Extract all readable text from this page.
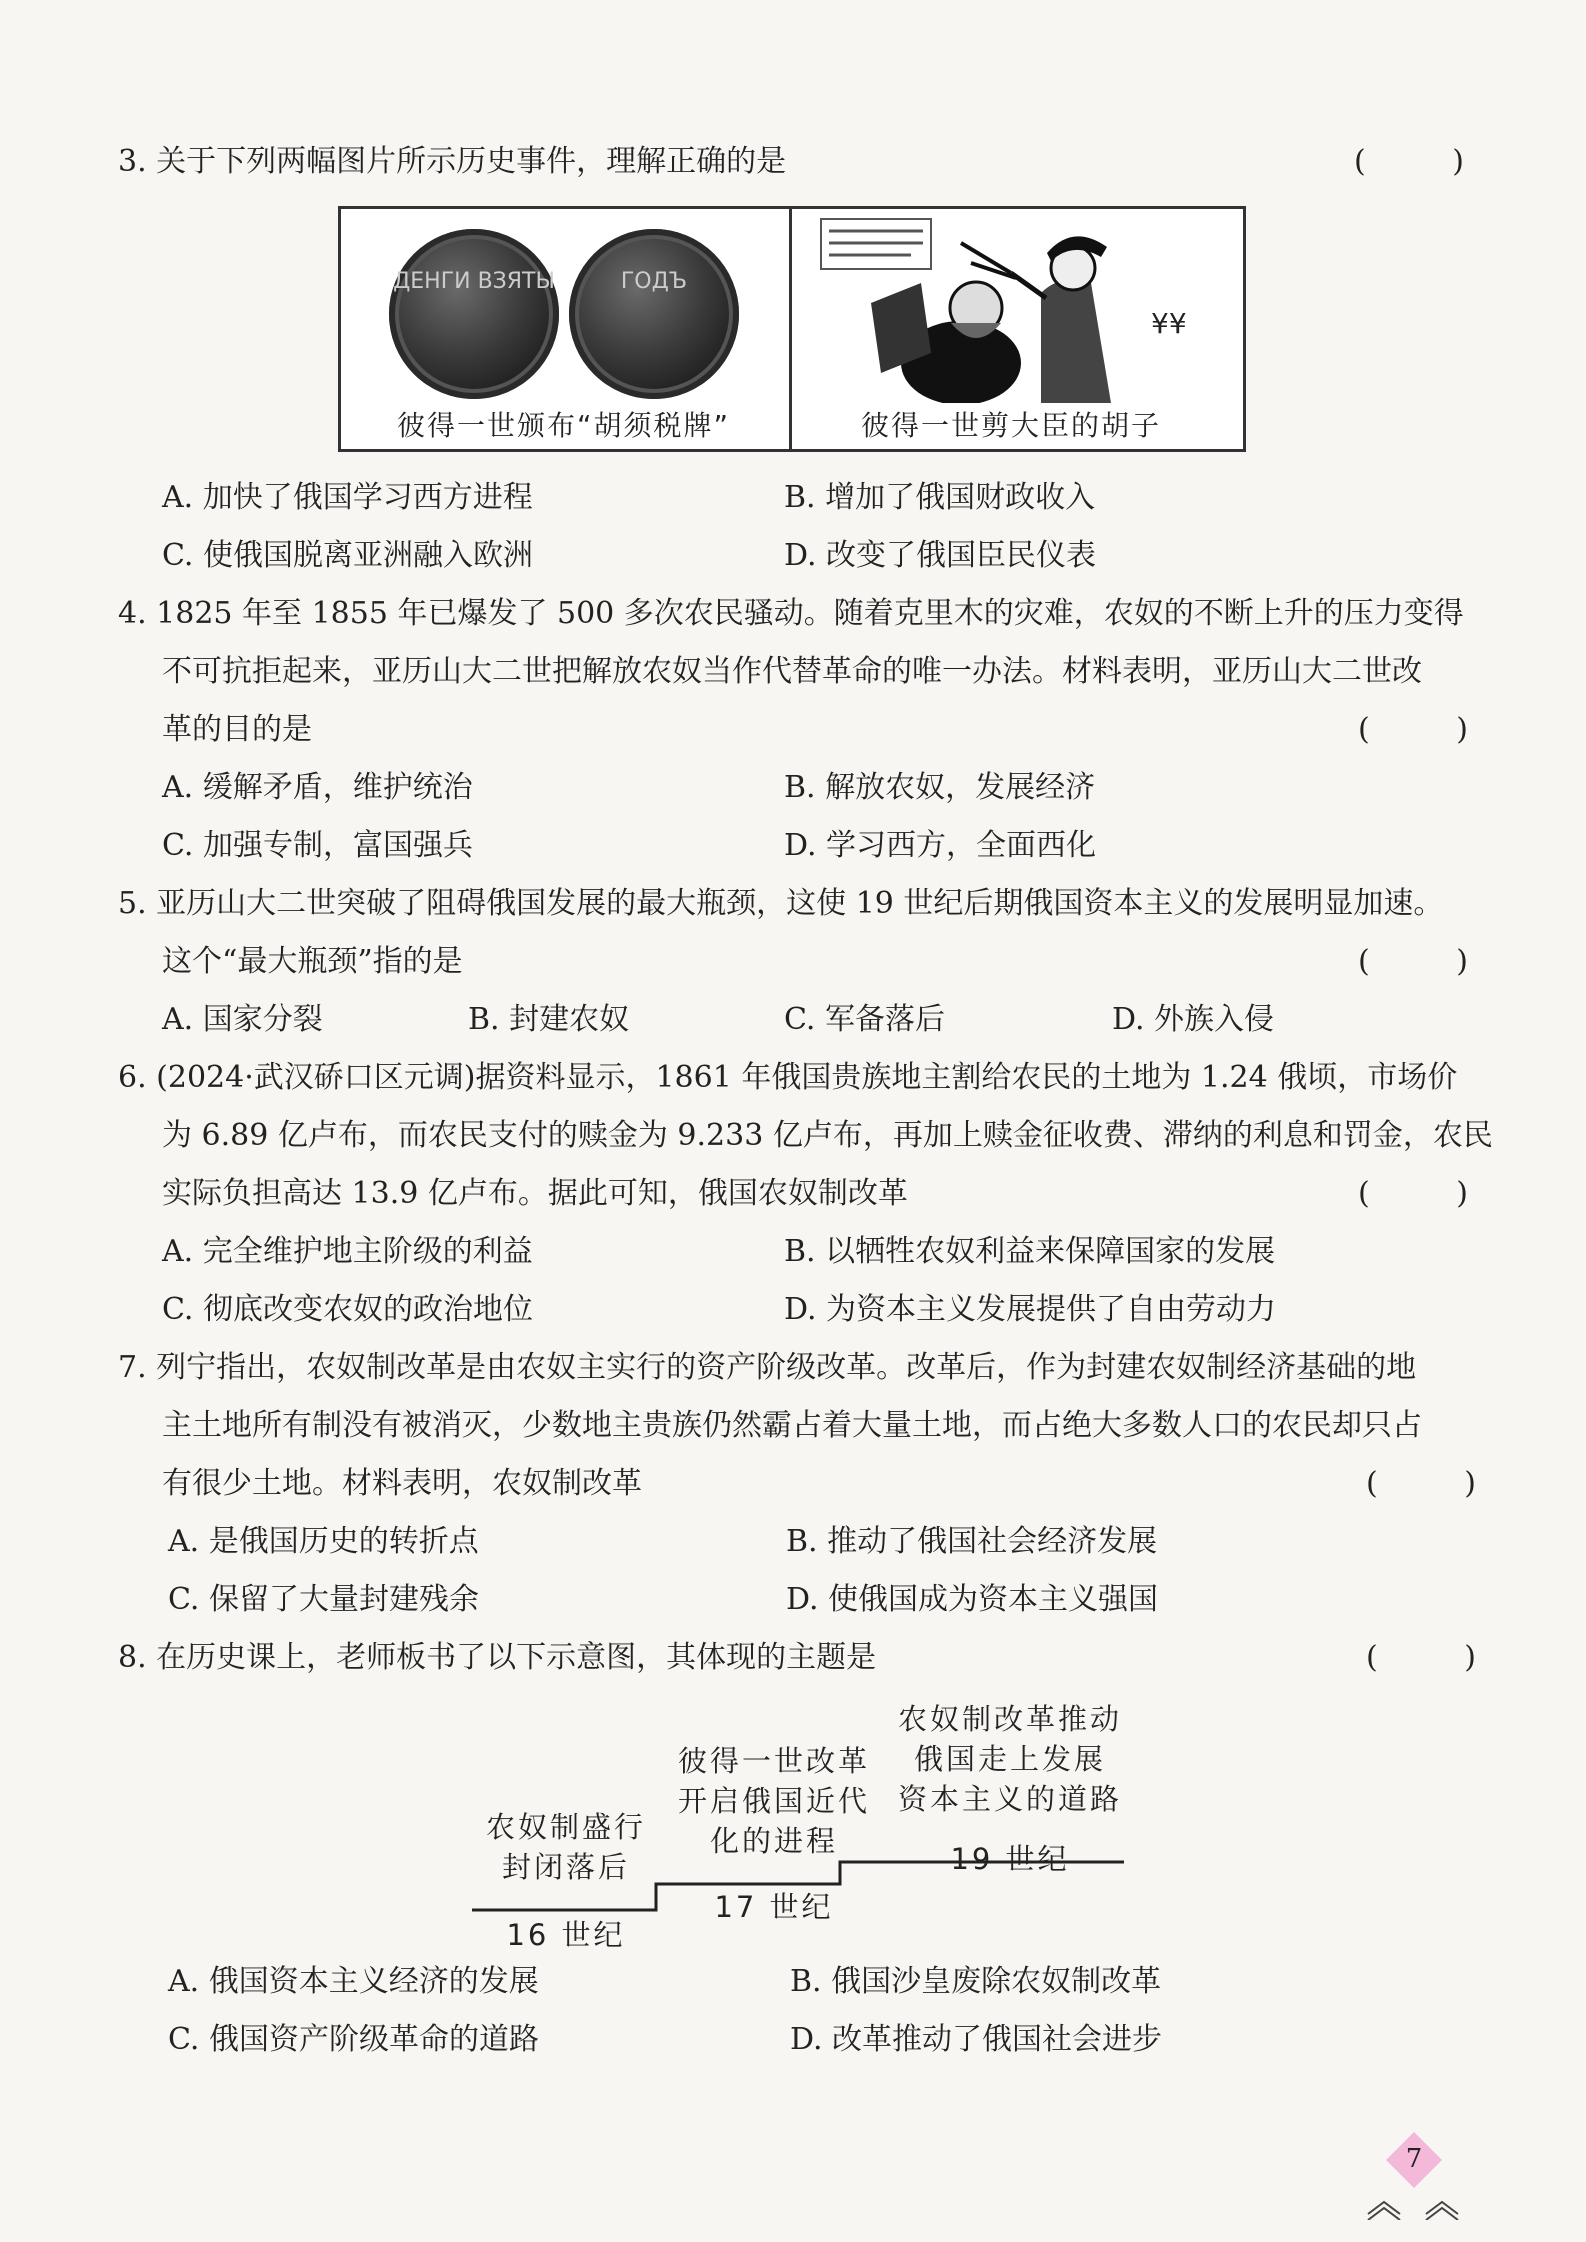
3. 关于下列两幅图片所示历史事件，理解正确的是	(	)
ДЕНГИ ВЗЯТЫ	ГОДЪ
¥¥
彼得一世颁布“胡须税牌”	彼得一世剪大臣的胡子
A. 加快了俄国学习西方进程	B. 增加了俄国财政收入
C. 使俄国脱离亚洲融入欧洲	D. 改变了俄国臣民仪表
4. 1825 年至 1855 年已爆发了 500 多次农民骚动。随着克里木的灾难，农奴的不断上升的压力变得
不可抗拒起来，亚历山大二世把解放农奴当作代替革命的唯一办法。材料表明，亚历山大二世改
革的目的是	(	)
A. 缓解矛盾，维护统治	B. 解放农奴，发展经济
C. 加强专制，富国强兵	D. 学习西方，全面西化
5. 亚历山大二世突破了阻碍俄国发展的最大瓶颈，这使 19 世纪后期俄国资本主义的发展明显加速。
这个“最大瓶颈”指的是	(	)
A. 国家分裂	B. 封建农奴	C. 军备落后	D. 外族入侵
6. (2024·武汉硚口区元调)据资料显示，1861 年俄国贵族地主割给农民的土地为 1.24 俄顷，市场价
为 6.89 亿卢布，而农民支付的赎金为 9.233 亿卢布，再加上赎金征收费、滞纳的利息和罚金，农民
实际负担高达 13.9 亿卢布。据此可知，俄国农奴制改革	(	)
A. 完全维护地主阶级的利益	B. 以牺牲农奴利益来保障国家的发展
C. 彻底改变农奴的政治地位	D. 为资本主义发展提供了自由劳动力
7. 列宁指出，农奴制改革是由农奴主实行的资产阶级改革。改革后，作为封建农奴制经济基础的地
主土地所有制没有被消灭，少数地主贵族仍然霸占着大量土地，而占绝大多数人口的农民却只占
有很少土地。材料表明，农奴制改革	(	)
A. 是俄国历史的转折点	B. 推动了俄国社会经济发展
C. 保留了大量封建残余	D. 使俄国成为资本主义强国
8. 在历史课上，老师板书了以下示意图，其体现的主题是	(	)
农奴制盛行
封闭落后
16 世纪
彼得一世改革
开启俄国近代
化的进程
17 世纪
农奴制改革推动
俄国走上发展
资本主义的道路
19 世纪
A. 俄国资本主义经济的发展	B. 俄国沙皇废除农奴制改革
C. 俄国资产阶级革命的道路	D. 改革推动了俄国社会进步
7
